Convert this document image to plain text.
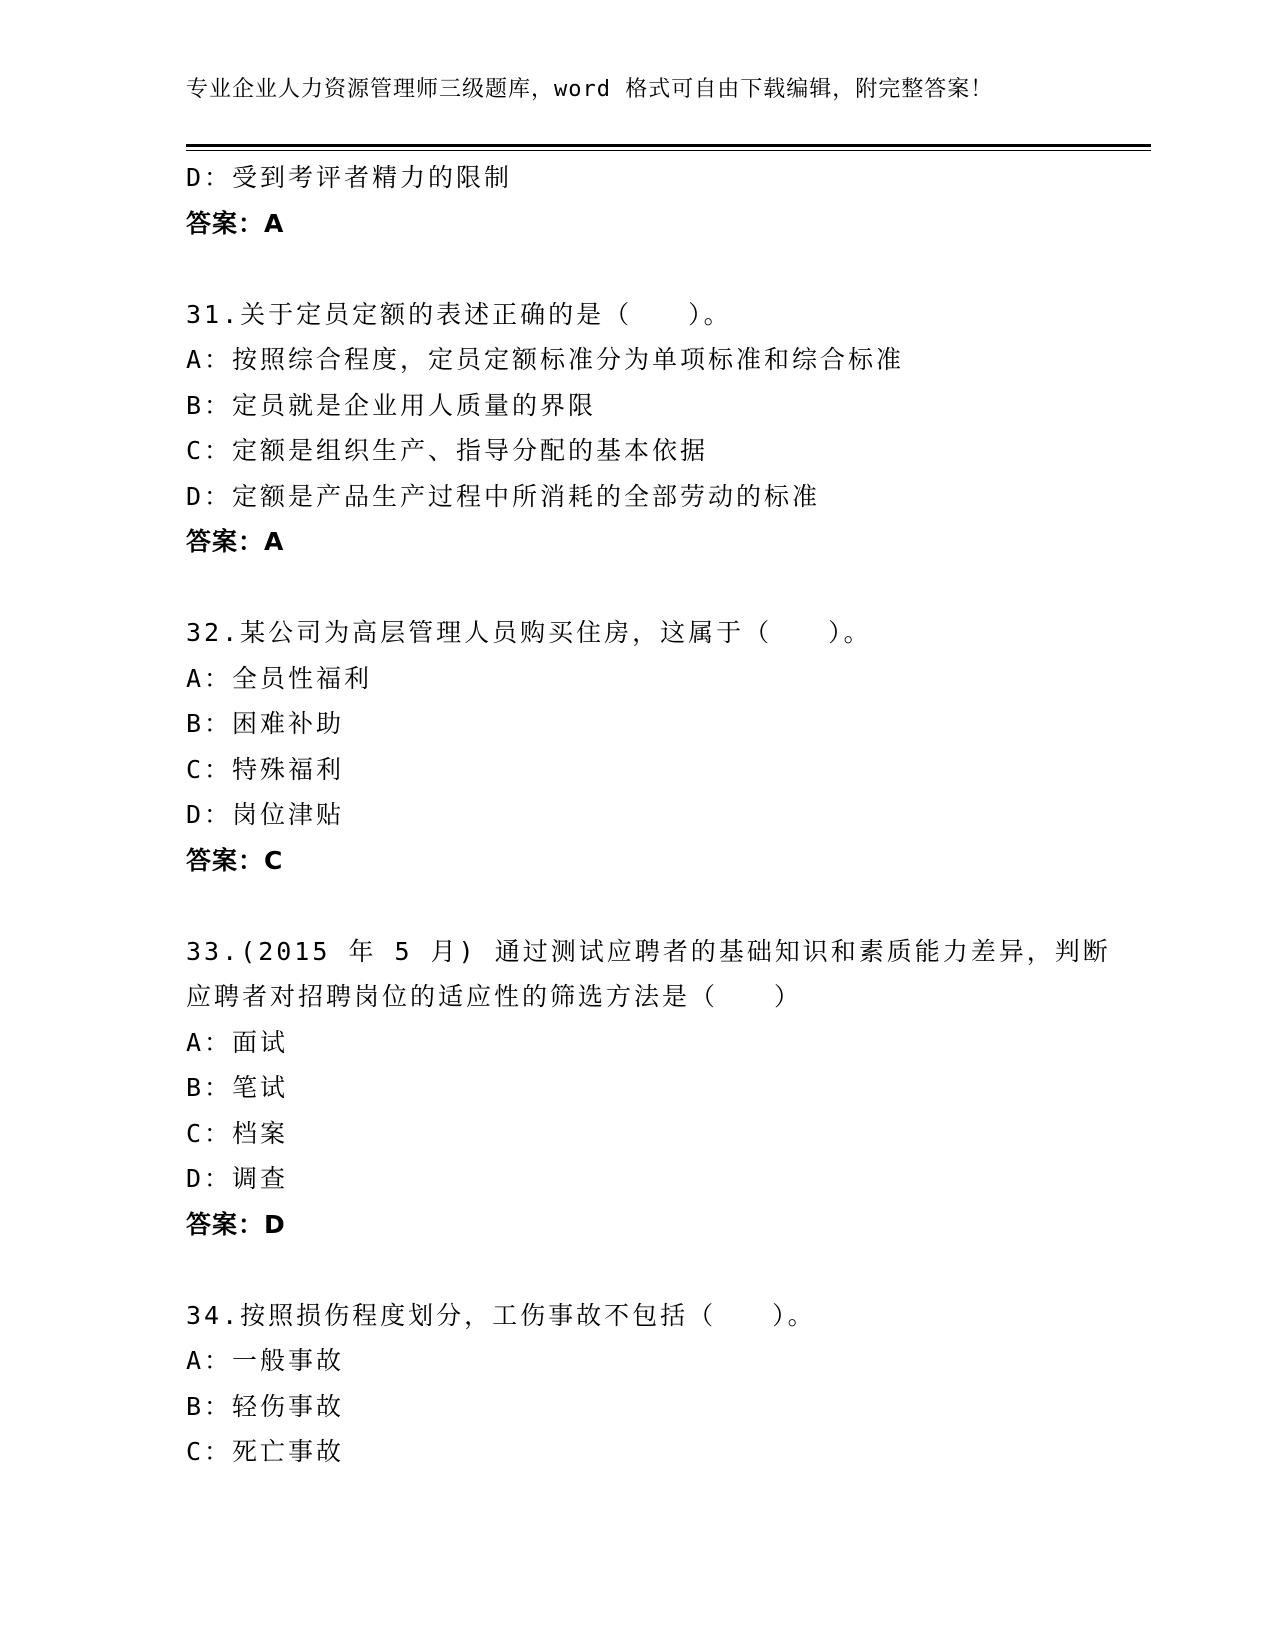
专业企业人力资源管理师三级题库，word 格式可自由下载编辑，附完整答案！
D：受到考评者精力的限制
答案：A
31.关于定员定额的表述正确的是（　　）。
A：按照综合程度，定员定额标准分为单项标准和综合标准
B：定员就是企业用人质量的界限
C：定额是组织生产、指导分配的基本依据
D：定额是产品生产过程中所消耗的全部劳动的标准
答案：A
32.某公司为高层管理人员购买住房，这属于（　　）。
A：全员性福利
B：困难补助
C：特殊福利
D：岗位津贴
答案：C
33.(2015 年 5 月) 通过测试应聘者的基础知识和素质能力差异，判断
应聘者对招聘岗位的适应性的筛选方法是（　　）
A：面试
B：笔试
C：档案
D：调查
答案：D
34.按照损伤程度划分，工伤事故不包括（　　）。
A：一般事故
B：轻伤事故
C：死亡事故
